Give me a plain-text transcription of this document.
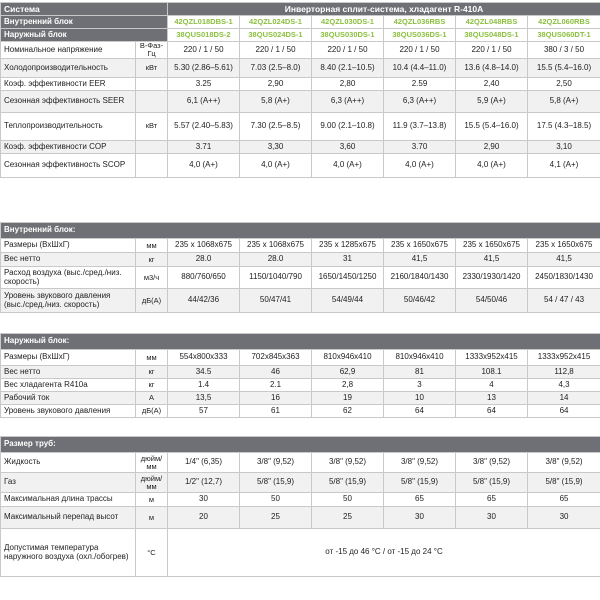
Система		Инверторная сплит-система, хладагент R-410A					
Внутренний блок		42QZL018DBS-1	42QZL024DS-1	42QZL030DS-1	42QZL036RBS	42QZL048RBS	42QZL060RBS
Наружный блок		38QUS018DS-2	38QUS024DS-1	38QUS030DS-1	38QUS036DS-1	38QUS048DS-1	38QUS060DT-1
Номинальное напряжение	В-Фаз-Гц	220 / 1 / 50	220 / 1 / 50	220 / 1 / 50	220 / 1 / 50	220 / 1 / 50	380 / 3 / 50
Холодопроизводительность	кВт	5.30 (2.86–5.61)	7.03 (2.5–8.0)	8.40 (2.1–10.5)	10.4 (4.4–11.0)	13.6 (4.8–14.0)	15.5 (5.4–16.0)
Коэф. эффективности EER		3.25	2,90	2,80	2.59	2,40	2,50
Сезонная эффективность SEER		6,1 (А++)	5,8 (А+)	6,3 (А++)	6,3 (А++)	5,9 (А+)	5,8 (А+)
Теплопроизводительность	кВт	5.57 (2.40–5.83)	7.30 (2.5–8.5)	9.00 (2.1–10.8)	11.9 (3.7–13.8)	15.5 (5.4–16.0)	17.5 (4.3–18.5)
Коэф. эффективности COP		3.71	3,30	3,60	3.70	2,90	3,10
Сезонная эффективность SCOP		4,0 (А+)	4,0 (А+)	4,0 (А+)	4,0 (А+)	4,0 (А+)	4,1 (А+)
Внутренний блок:							
Размеры (ВхШхГ)	мм	235 x 1068x675	235 x 1068x675	235 x 1285x675	235 x 1650x675	235 x 1650x675	235 x 1650x675
Вес нетто	кг	28.0	28.0	31	41,5	41,5	41,5
Расход воздуха (выс./сред./низ. скорость)	м3/ч	880/760/650	1150/1040/790	1650/1450/1250	2160/1840/1430	2330/1930/1420	2450/1830/1430
Уровень звукового давления (выс./сред./низ. скорость)	дБ(А)	44/42/36	50/47/41	54/49/44	50/46/42	54/50/46	54 / 47 / 43
Наружный блок:							
Размеры (ВхШхГ)	мм	554x800x333	702x845x363	810x946x410	810x946x410	1333x952x415	1333x952x415
Вес нетто	кг	34.5	46	62,9	81	108.1	112,8
Вес хладагента R410a	кг	1.4	2.1	2,8	3	4	4,3
Рабочий ток	А	13,5	16	19	10	13	14
Уровень звукового давления	дБ(А)	57	61	62	64	64	64
Размер труб:							
Жидкость	дюйм/мм	1/4" (6,35)	3/8" (9,52)	3/8" (9,52)	3/8" (9,52)	3/8" (9,52)	3/8" (9,52)
Газ	дюйм/мм	1/2" (12,7)	5/8" (15,9)	5/8" (15,9)	5/8" (15,9)	5/8" (15,9)	5/8" (15,9)
Максимальная длина трассы	м	30	50	50	65	65	65
Максимальный перепад высот	м	20	25	25	30	30	30
Допустимая температура наружного воздуха (охл./обогрев)	°C	от -15 до 46 °C / от -15 до 24 °C					
